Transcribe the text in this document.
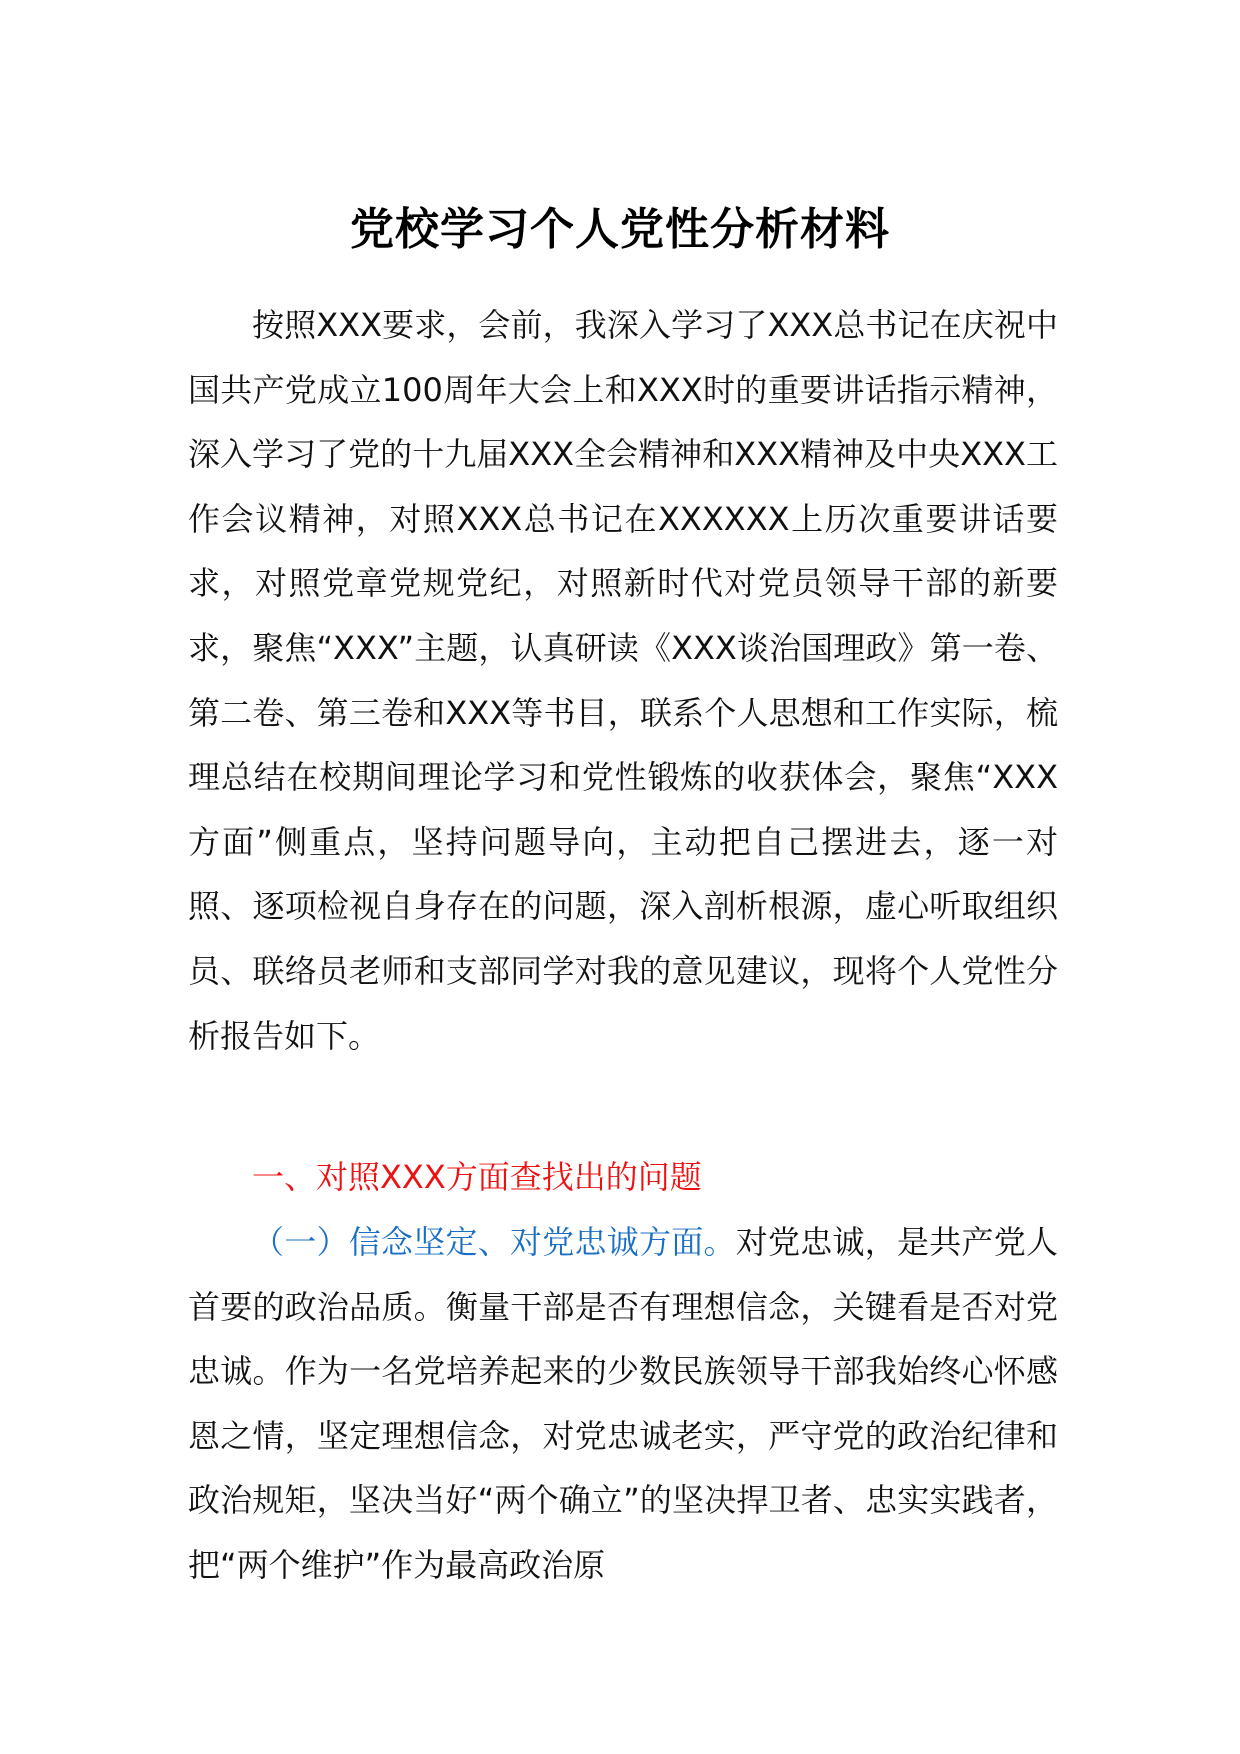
党校学习个人党性分析材料
按照XXX要求，会前，我深入学习了XXX总书记在庆祝中国共产党成立100周年大会上和XXX时的重要讲话指示精神，深入学习了党的十九届XXX全会精神和XXX精神及中央XXX工作会议精神，对照XXX总书记在XXXXXX上历次重要讲话要求，对照党章党规党纪，对照新时代对党员领导干部的新要求，聚焦“XXX”主题，认真研读《XXX谈治国理政》第一卷、第二卷、第三卷和XXX等书目，联系个人思想和工作实际，梳理总结在校期间理论学习和党性锻炼的收获体会，聚焦“XXX方面”侧重点，坚持问题导向，主动把自己摆进去，逐一对照、逐项检视自身存在的问题，深入剖析根源，虚心听取组织员、联络员老师和支部同学对我的意见建议，现将个人党性分析报告如下。
一、对照XXX方面查找出的问题
（一）信念坚定、对党忠诚方面。对党忠诚，是共产党人首要的政治品质。衡量干部是否有理想信念，关键看是否对党忠诚。作为一名党培养起来的少数民族领导干部我始终心怀感恩之情，坚定理想信念，对党忠诚老实，严守党的政治纪律和政治规矩，坚决当好“两个确立”的坚决捍卫者、忠实实践者，把“两个维护”作为最高政治原
